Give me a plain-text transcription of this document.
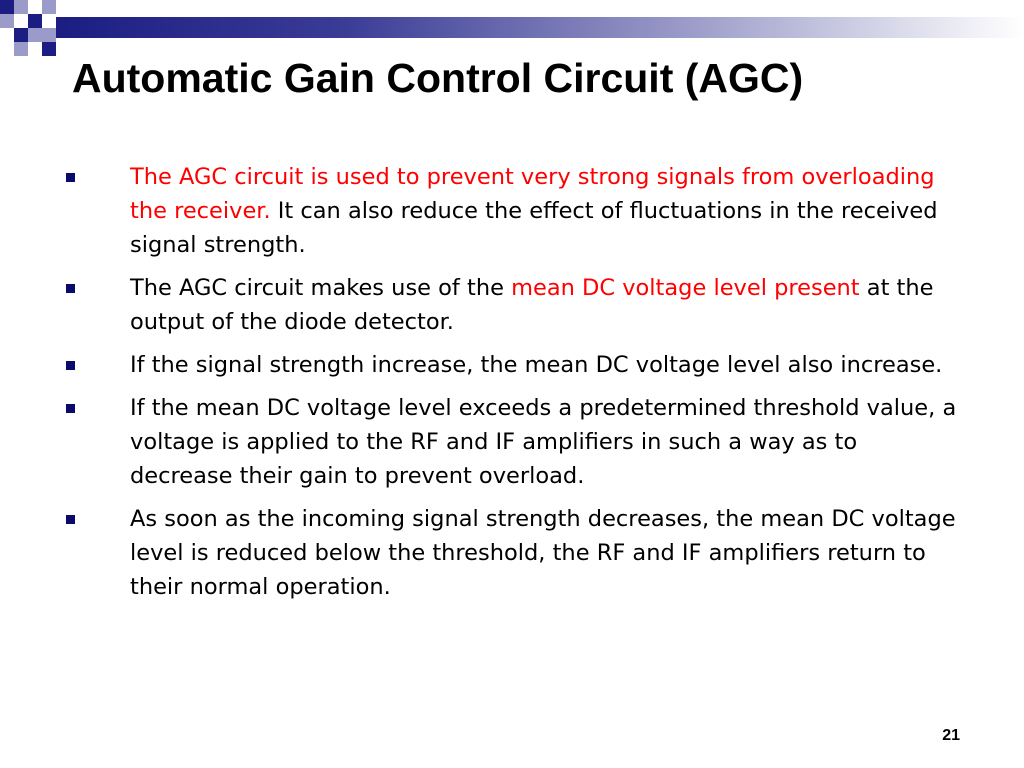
Automatic Gain Control Circuit (AGC)
The AGC circuit is used to prevent very strong signals from overloading the receiver. It can also reduce the effect of fluctuations in the received signal strength.
The AGC circuit makes use of the mean DC voltage level present at the output of the diode detector.
If the signal strength increase, the mean DC voltage level also increase.
If the mean DC voltage level exceeds a predetermined threshold value, a voltage is applied to the RF and IF amplifiers in such a way as to decrease their gain to prevent overload.
As soon as the incoming signal strength decreases, the mean DC voltage level is reduced below the threshold, the RF and IF amplifiers return to their normal operation.
21
